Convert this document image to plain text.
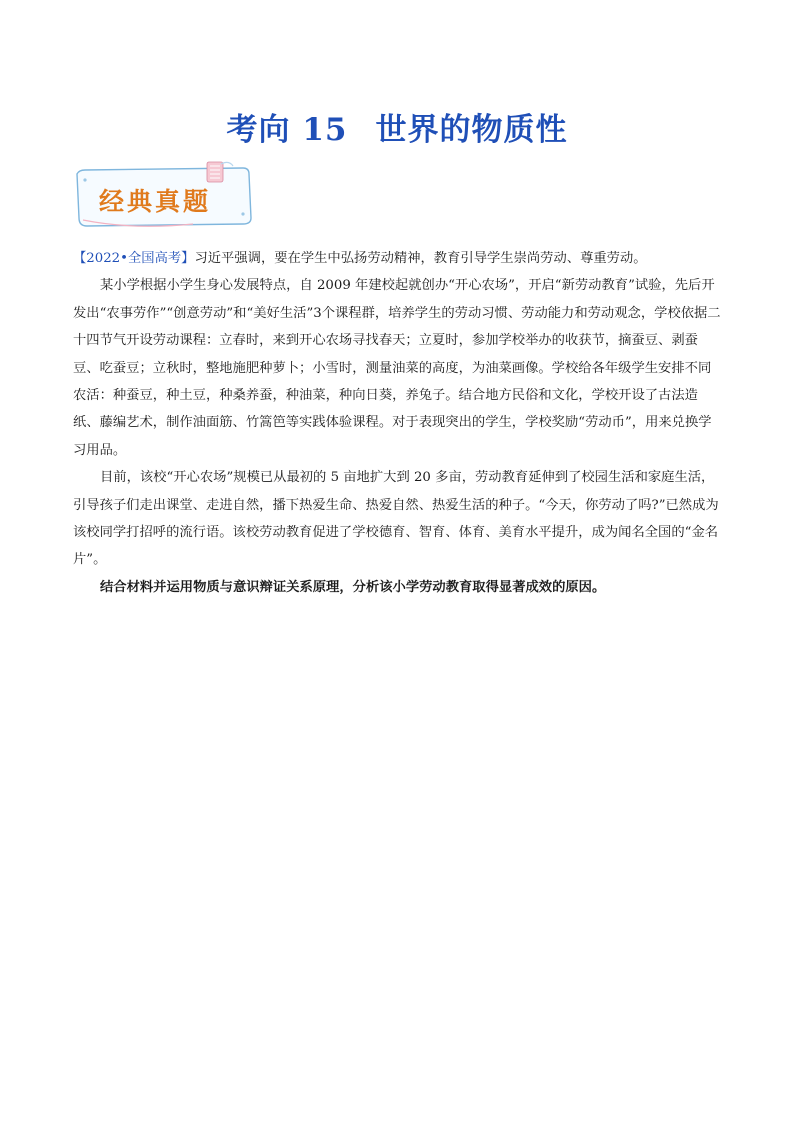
考向 15 世界的物质性
经典真题

【2022•全国高考】习近平强调，要在学生中弘扬劳动精神，教育引导学生崇尚劳动、尊重劳动。

某小学根据小学生身心发展特点，自 2009 年建校起就创办“开心农场”，开启“新劳动教育”试验，先后开发出“农事劳作”“创意劳动”和“美好生活”3个课程群，培养学生的劳动习惯、劳动能力和劳动观念，学校依据二十四节气开设劳动课程：立春时，来到开心农场寻找春天；立夏时，参加学校举办的收获节，摘蚕豆、剥蚕豆、吃蚕豆；立秋时，整地施肥种萝卜；小雪时，测量油菜的高度，为油菜画像。学校给各年级学生安排不同农活：种蚕豆，种土豆，种桑养蚕，种油菜，种向日葵，养兔子。结合地方民俗和文化，学校开设了古法造纸、藤编艺术，制作油面筋、竹篙笆等实践体验课程。对于表现突出的学生，学校奖励“劳动币”，用来兑换学习用品。

目前，该校“开心农场”规模已从最初的 5 亩地扩大到 20 多亩，劳动教育延伸到了校园生活和家庭生活，引导孩子们走出课堂、走进自然，播下热爱生命、热爱自然、热爱生活的种子。“今天，你劳动了吗?”已然成为该校同学打招呼的流行语。该校劳动教育促进了学校德育、智育、体育、美育水平提升，成为闻名全国的“金名片”。

结合材料并运用物质与意识辩证关系原理，分析该小学劳动教育取得显著成效的原因。
